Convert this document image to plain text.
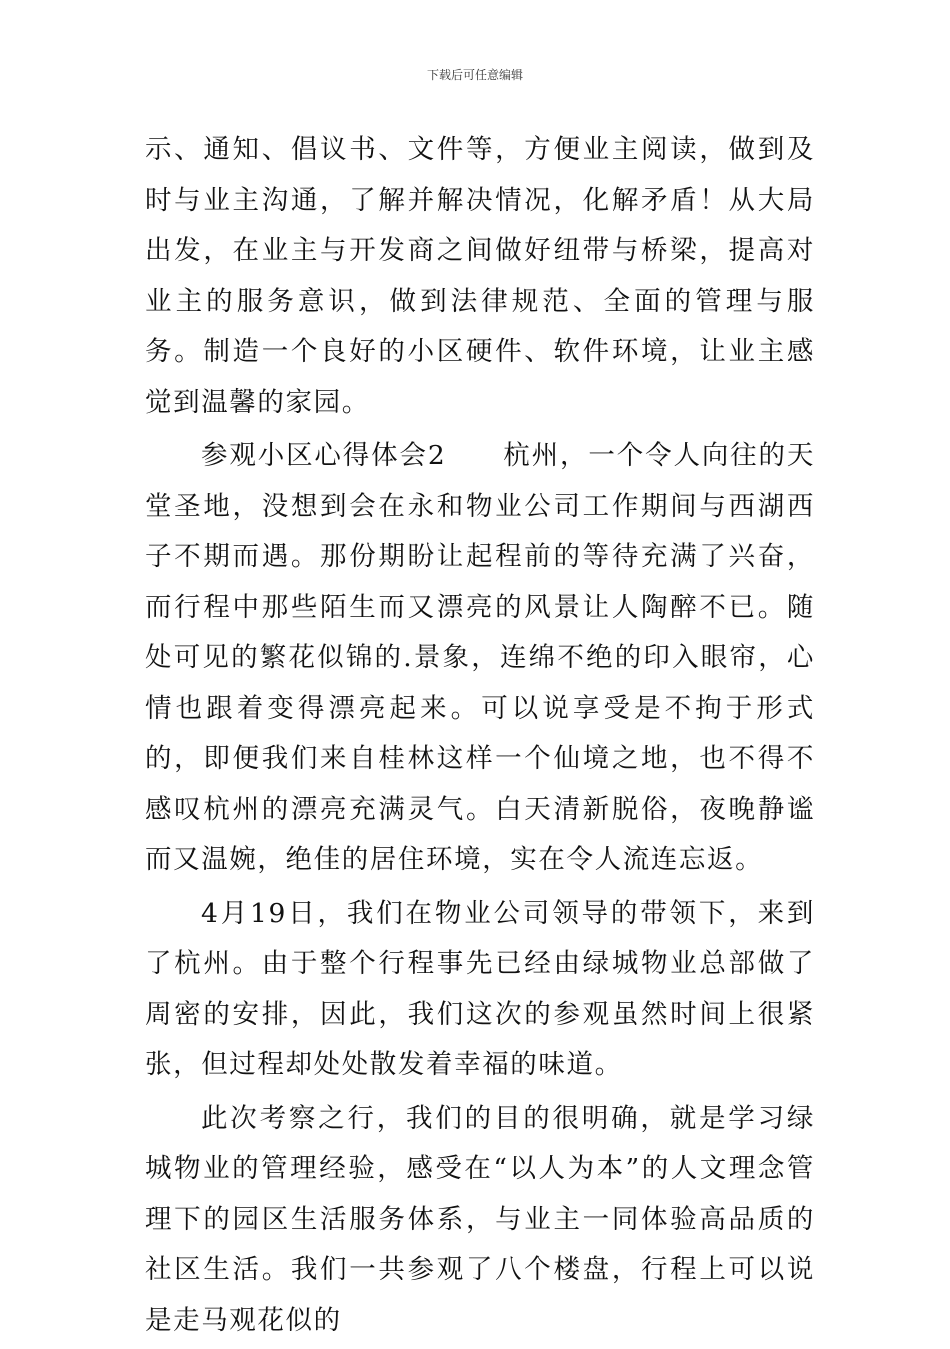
下载后可任意编辑

示、通知、倡议书、文件等，方便业主阅读，做到及时与业主沟通，了解并解决情况，化解矛盾！从大局出发，在业主与开发商之间做好纽带与桥梁，提高对业主的服务意识，做到法律规范、全面的管理与服务。制造一个良好的小区硬件、软件环境，让业主感觉到温馨的家园。

参观小区心得体会2　　杭州，一个令人向往的天堂圣地，没想到会在永和物业公司工作期间与西湖西子不期而遇。那份期盼让起程前的等待充满了兴奋，而行程中那些陌生而又漂亮的风景让人陶醉不已。随处可见的繁花似锦的.景象，连绵不绝的印入眼帘，心情也跟着变得漂亮起来。可以说享受是不拘于形式的，即便我们来自桂林这样一个仙境之地，也不得不感叹杭州的漂亮充满灵气。白天清新脱俗，夜晚静谧而又温婉，绝佳的居住环境，实在令人流连忘返。

4月19日，我们在物业公司领导的带领下，来到了杭州。由于整个行程事先已经由绿城物业总部做了周密的安排，因此，我们这次的参观虽然时间上很紧张，但过程却处处散发着幸福的味道。

此次考察之行，我们的目的很明确，就是学习绿城物业的管理经验，感受在“以人为本”的人文理念管理下的园区生活服务体系，与业主一同体验高品质的社区生活。我们一共参观了八个楼盘，行程上可以说是走马观花似的
